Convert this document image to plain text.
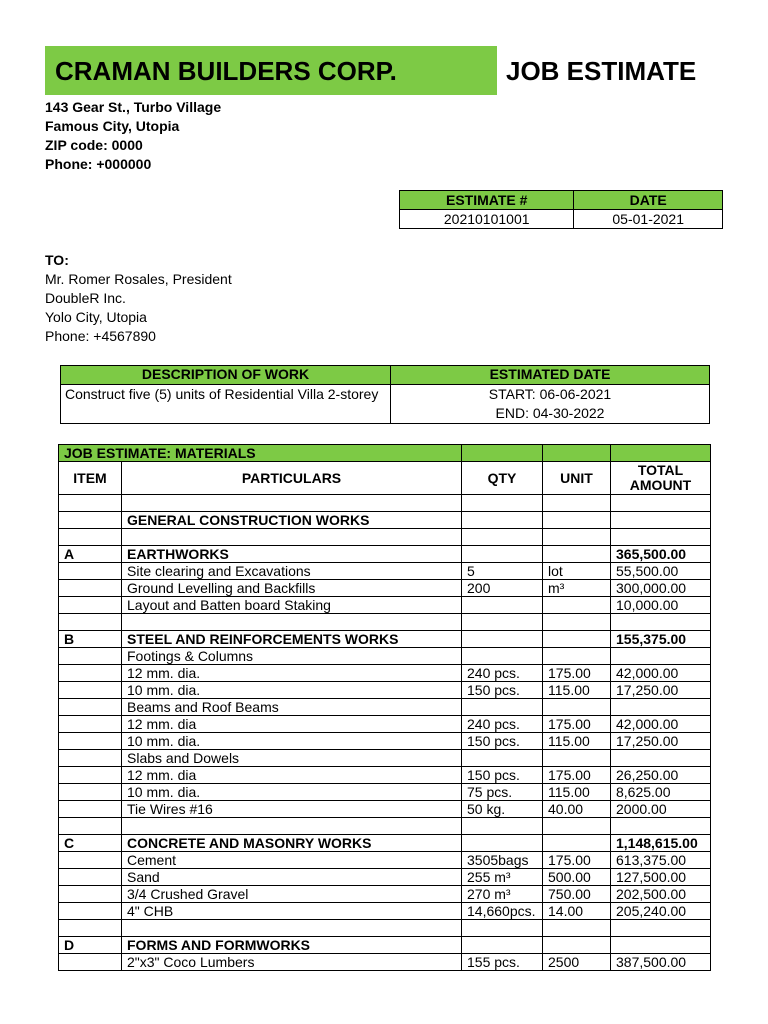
CRAMAN BUILDERS CORP.	JOB ESTIMATE
143 Gear St., Turbo Village
Famous City, Utopia
ZIP code: 0000
Phone: +000000
ESTIMATE #	DATE
20210101001	05-01-2021
TO:
Mr. Romer Rosales, President
DoubleR Inc.
Yolo City, Utopia
Phone: +4567890
DESCRIPTION OF WORK	ESTIMATED DATE
Construct five (5) units of Residential Villa 2-storey	START: 06-06-2021
END: 04-30-2022
JOB ESTIMATE: MATERIALS				
ITEM	PARTICULARS	QTY	UNIT	TOTAL AMOUNT

	GENERAL CONSTRUCTION WORKS			

A	EARTHWORKS			365,500.00
	Site clearing and Excavations	5	lot	55,500.00
	Ground Levelling and Backfills	200	m³	300,000.00
	Layout and Batten board Staking			10,000.00

B	STEEL AND REINFORCEMENTS WORKS			155,375.00
	Footings & Columns			
	12 mm. dia.	240 pcs.	175.00	42,000.00
	10 mm. dia.	150 pcs.	115.00	17,250.00
	Beams and Roof Beams			
	12 mm. dia	240 pcs.	175.00	42,000.00
	10 mm. dia.	150 pcs.	115.00	17,250.00
	Slabs and Dowels			
	12 mm. dia	150 pcs.	175.00	26,250.00
	10 mm. dia.	75 pcs.	115.00	8,625.00
	Tie Wires #16	50 kg.	40.00	2000.00

C	CONCRETE AND MASONRY WORKS			1,148,615.00
	Cement	3505bags	175.00	613,375.00
	Sand	255 m³	500.00	127,500.00
	3/4 Crushed Gravel	270 m³	750.00	202,500.00
	4" CHB	14,660pcs.	14.00	205,240.00

D	FORMS AND FORMWORKS			
	2"x3" Coco Lumbers	155 pcs.	2500	387,500.00
